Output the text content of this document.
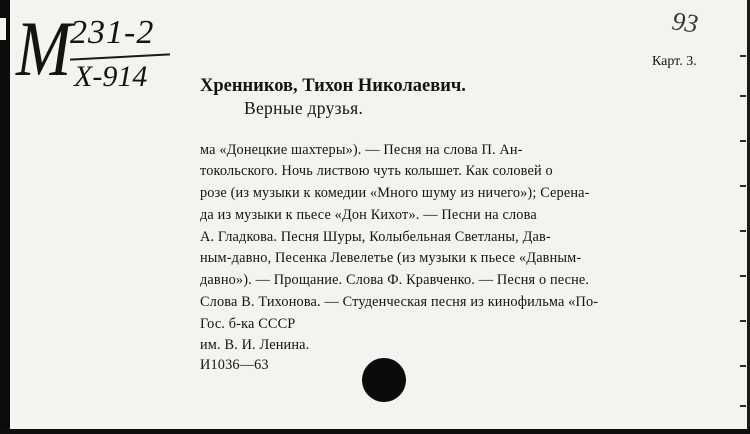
М
231-2
Х-914
93
Карт. 3.
Хренников, Тихон Николаевич.
Верные друзья.
ма «Донецкие шахтеры»). — Песня на слова П. Ан-
токольского. Ночь листвою чуть колышет. Как соловей о
розе (из музыки к комедии «Много шуму из ничего»); Серена-
да из музыки к пьесе «Дон Кихот». — Песни на слова
А. Гладкова. Песня Шуры, Колыбельная Светланы, Дав-
ным-давно, Песенка Левелетье (из музыки к пьесе «Давным-
давно»). — Прощание. Слова Ф. Кравченко. — Песня о песне.
Слова В. Тихонова. — Студенческая песня из кинофильма «По-
Гос. б-ка СССР
им. В. И. Ленина.
И1036—63
